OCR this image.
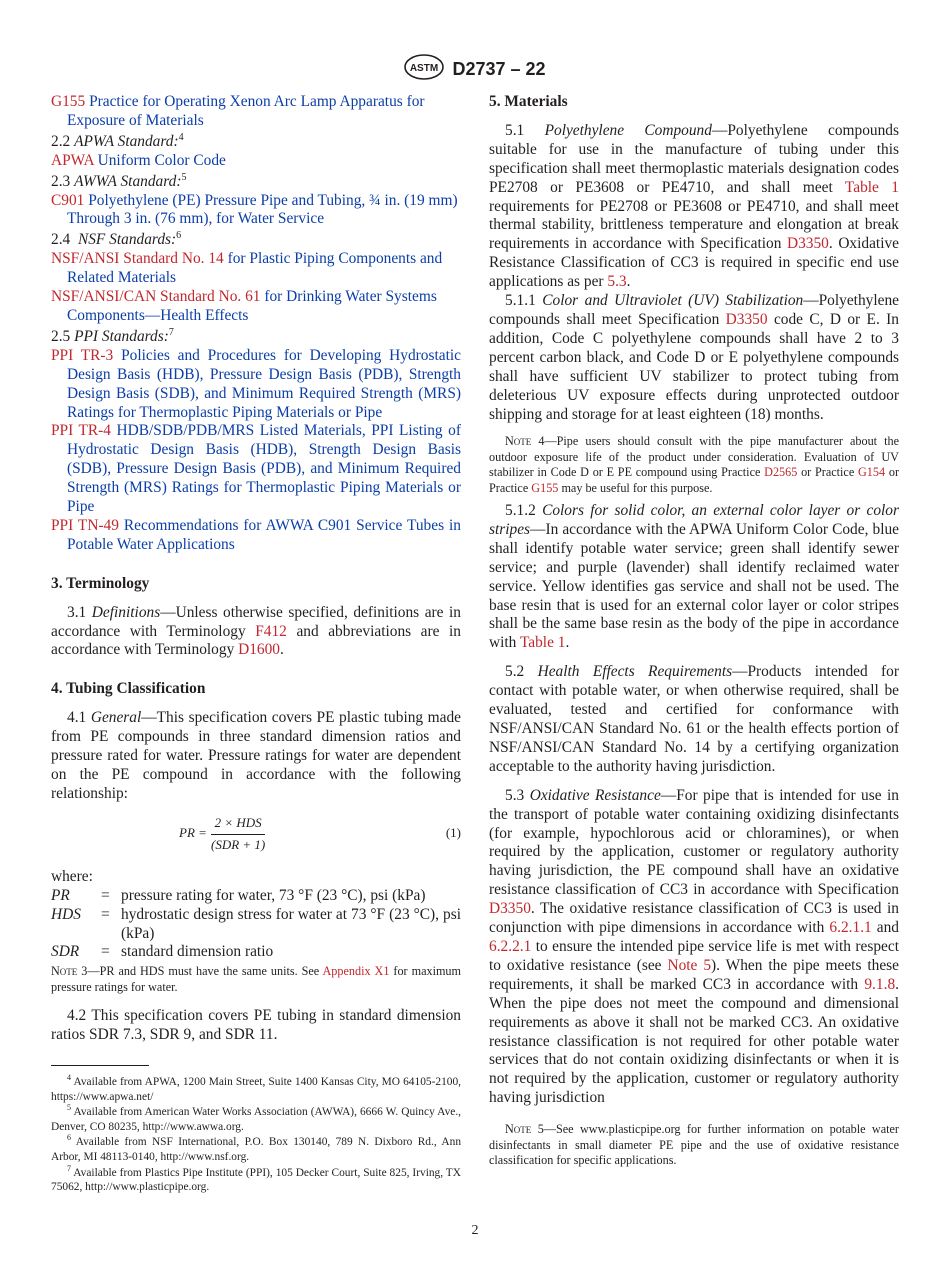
ASTM D2737 – 22

G155 Practice for Operating Xenon Arc Lamp Apparatus for Exposure of Materials

2.2 APWA Standard:$^4$

APWA Uniform Color Code

2.3 AWWA Standard:$^5$

C901 Polyethylene (PE) Pressure Pipe and Tubing, ¾ in. (19 mm) Through 3 in. (76 mm), for Water Service

2.4 NSF Standards:$^6$

NSF/ANSI Standard No. 14 for Plastic Piping Components and Related Materials

NSF/ANSI/CAN Standard No. 61 for Drinking Water Systems Components—Health Effects

2.5 PPI Standards:$^7$

PPI TR-3 Policies and Procedures for Developing Hydrostatic Design Basis (HDB), Pressure Design Basis (PDB), Strength Design Basis (SDB), and Minimum Required Strength (MRS) Ratings for Thermoplastic Piping Materials or Pipe

PPI TR-4 HDB/SDB/PDB/MRS Listed Materials, PPI Listing of Hydrostatic Design Basis (HDB), Strength Design Basis (SDB), Pressure Design Basis (PDB), and Minimum Required Strength (MRS) Ratings for Thermoplastic Piping Materials or Pipe

PPI TN-49 Recommendations for AWWA C901 Service Tubes in Potable Water Applications

3. Terminology

3.1 Definitions—Unless otherwise specified, definitions are in accordance with Terminology F412 and abbreviations are in accordance with Terminology D1600.

4. Tubing Classification

4.1 General—This specification covers PE plastic tubing made from PE compounds in three standard dimension ratios and pressure rated for water. Pressure ratings for water are dependent on the PE compound in accordance with the following relationship:

PR =
2 × HDS
(SDR + 1)
(1)

where:

PR	=	pressure rating for water, 73 °F (23 °C), psi (kPa)
HDS	=	hydrostatic design stress for water at 73 °F (23 °C), psi (kPa)
SDR	=	standard dimension ratio

Note 3—PR and HDS must have the same units. See Appendix X1 for maximum pressure ratings for water.

4.2 This specification covers PE tubing in standard dimension ratios SDR 7.3, SDR 9, and SDR 11.

$^4$ Available from APWA, 1200 Main Street, Suite 1400 Kansas City, MO 64105-2100, https://www.apwa.net/

$^5$ Available from American Water Works Association (AWWA), 6666 W. Quincy Ave., Denver, CO 80235, http://www.awwa.org.

$^6$ Available from NSF International, P.O. Box 130140, 789 N. Dixboro Rd., Ann Arbor, MI 48113-0140, http://www.nsf.org.

$^7$ Available from Plastics Pipe Institute (PPI), 105 Decker Court, Suite 825, Irving, TX 75062, http://www.plasticpipe.org.

5. Materials

5.1 Polyethylene Compound—Polyethylene compounds suitable for use in the manufacture of tubing under this specification shall meet thermoplastic materials designation codes PE2708 or PE3608 or PE4710, and shall meet Table 1 requirements for PE2708 or PE3608 or PE4710, and shall meet thermal stability, brittleness temperature and elongation at break requirements in accordance with Specification D3350. Oxidative Resistance Classification of CC3 is required in specific end use applications as per 5.3.

5.1.1 Color and Ultraviolet (UV) Stabilization—Polyethylene compounds shall meet Specification D3350 code C, D or E. In addition, Code C polyethylene compounds shall have 2 to 3 percent carbon black, and Code D or E polyethylene compounds shall have sufficient UV stabilizer to protect tubing from deleterious UV exposure effects during unprotected outdoor shipping and storage for at least eighteen (18) months.

Note 4—Pipe users should consult with the pipe manufacturer about the outdoor exposure life of the product under consideration. Evaluation of UV stabilizer in Code D or E PE compound using Practice D2565 or Practice G154 or Practice G155 may be useful for this purpose.

5.1.2 Colors for solid color, an external color layer or color stripes—In accordance with the APWA Uniform Color Code, blue shall identify potable water service; green shall identify sewer service; and purple (lavender) shall identify reclaimed water service. Yellow identifies gas service and shall not be used. The base resin that is used for an external color layer or color stripes shall be the same base resin as the body of the pipe in accordance with Table 1.

5.2 Health Effects Requirements—Products intended for contact with potable water, or when otherwise required, shall be evaluated, tested and certified for conformance with NSF/ANSI/CAN Standard No. 61 or the health effects portion of NSF/ANSI/CAN Standard No. 14 by a certifying organization acceptable to the authority having jurisdiction.

5.3 Oxidative Resistance—For pipe that is intended for use in the transport of potable water containing oxidizing disinfectants (for example, hypochlorous acid or chloramines), or when required by the application, customer or regulatory authority having jurisdiction, the PE compound shall have an oxidative resistance classification of CC3 in accordance with Specification D3350. The oxidative resistance classification of CC3 is used in conjunction with pipe dimensions in accordance with 6.2.1.1 and 6.2.2.1 to ensure the intended pipe service life is met with respect to oxidative resistance (see Note 5). When the pipe meets these requirements, it shall be marked CC3 in accordance with 9.1.8. When the pipe does not meet the compound and dimensional requirements as above it shall not be marked CC3. An oxidative resistance classification is not required for other potable water services that do not contain oxidizing disinfectants or when it is not required by the application, customer or regulatory authority having jurisdiction

Note 5—See www.plasticpipe.org for further information on potable water disinfectants in small diameter PE pipe and the use of oxidative resistance classification for specific applications.

2
